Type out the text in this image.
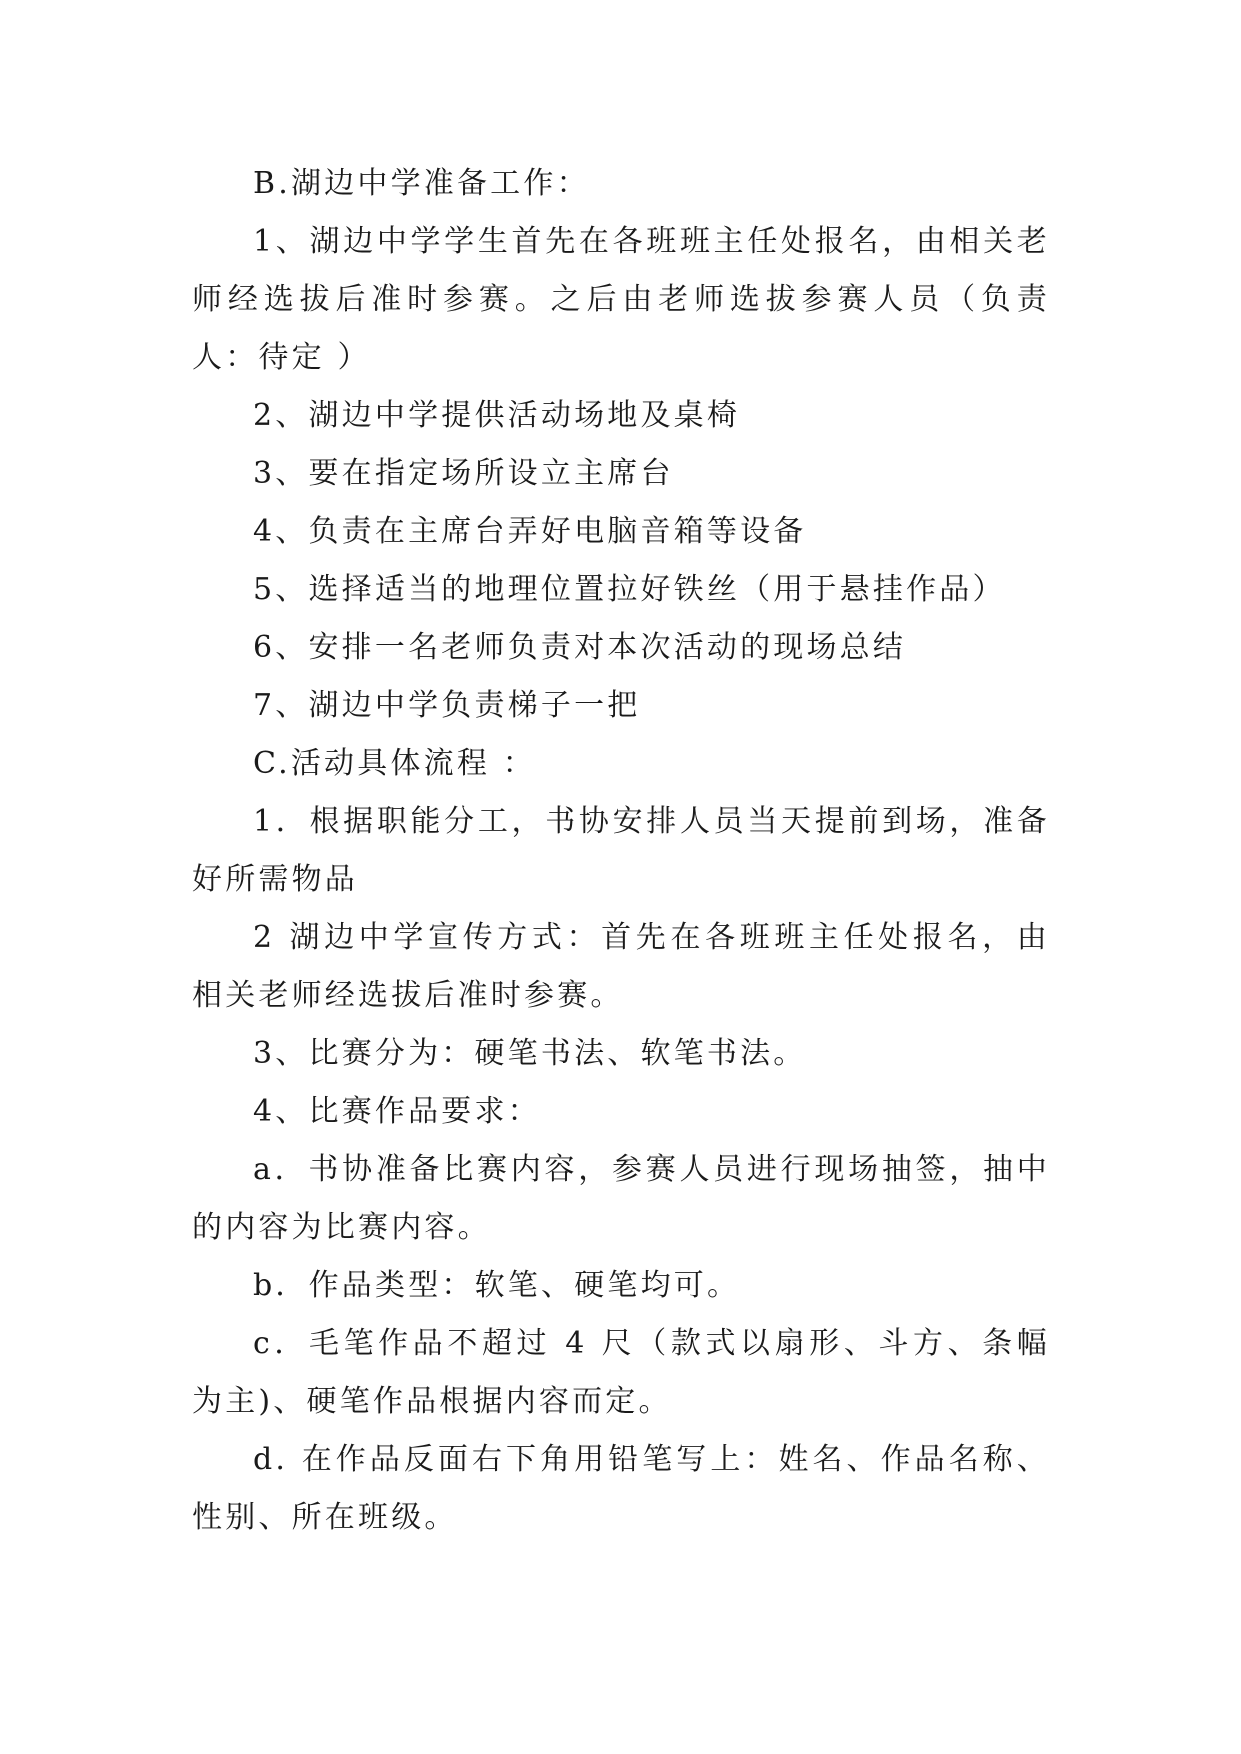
B.湖边中学准备工作：

1、湖边中学学生首先在各班班主任处报名，由相关老师经选拔后准时参赛。之后由老师选拔参赛人员（负责人：待定 ）

2、湖边中学提供活动场地及桌椅

3、要在指定场所设立主席台

4、负责在主席台弄好电脑音箱等设备

5、选择适当的地理位置拉好铁丝（用于悬挂作品）

6、安排一名老师负责对本次活动的现场总结

7、湖边中学负责梯子一把

C.活动具体流程 ：

1．根据职能分工，书协安排人员当天提前到场，准备好所需物品

2 湖边中学宣传方式：首先在各班班主任处报名，由相关老师经选拔后准时参赛。

3、比赛分为：硬笔书法、软笔书法。

4、比赛作品要求：

a．书协准备比赛内容，参赛人员进行现场抽签，抽中的内容为比赛内容。

b．作品类型：软笔、硬笔均可。

c．毛笔作品不超过 4 尺（款式以扇形、斗方、条幅为主)、硬笔作品根据内容而定。

d. 在作品反面右下角用铅笔写上：姓名、作品名称、性别、所在班级。
